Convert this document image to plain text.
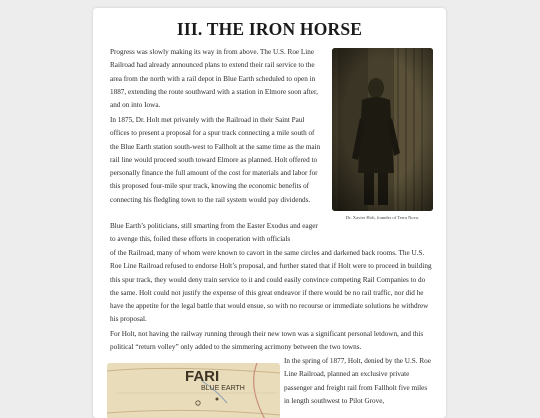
III. THE IRON HORSE

Progress was slowly making its way in from above. The U.S. Roe Line Railroad had already announced plans to extend their rail service to the area from the north with a rail depot in Blue Earth scheduled to open in 1887, extending the route southward with a station in Elmore soon after, and on into Iowa.

In 1875, Dr. Holt met privately with the Railroad in their Saint Paul offices to present a proposal for a spur track connecting a mile south of the Blue Earth station south-west to Fallholt at the same time as the main rail line would proceed south toward Elmore as planned. Holt offered to personally finance the full amount of the cost for materials and labor for this proposed four-mile spur track, knowing the economic benefits of connecting his fledgling town to the rail system would pay dividends.

Blue Earth’s politicians, still smarting from the Easter Exodus and eager to avenge this, foiled these efforts in cooperation with officials

of the Railroad, many of whom were known to cavort in the same circles and darkened back rooms. The U.S. Roe Line Railroad refused to endorse Holt’s proposal, and further stated that if Holt were to proceed in building this spur track, they would deny train service to it and could easily convince competing Rail Companies to do the same. Holt could not justify the expense of this great endeavor if there would be no rail traffic, nor did he have the appetite for the legal battle that would ensue, so with no recourse or immediate solutions he withdrew his proposal.

For Holt, not having the railway running through their new town was a significant personal letdown, and this political “return volley” only added to the simmering acrimony between the two towns.

Dr. Xavier Holt, founder of Terra Nova.
FARI
BLUE EARTH

In the spring of 1877, Holt, denied by the U.S. Roe Line Railroad, planned an exclusive private passenger and freight rail from Fallholt five miles in length southwest to Pilot Grove,
